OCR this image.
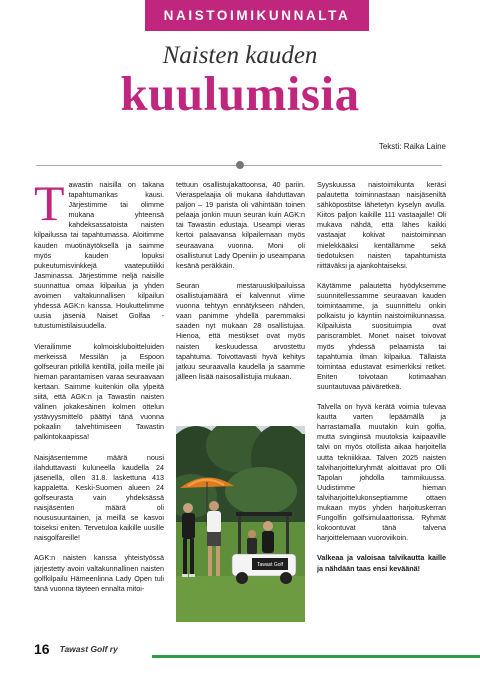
NAISTOIMIKUNNALTA
Naisten kauden
kuulumisia
Teksti: Raika Laine

Tawastin naisilla on takana tapahtumarikas kausi. Järjestimme tai olimme mukana yhteensä kahdeksassatoista naisten kilpailussa tai tapahtumassa. Aloitimme kauden muotinäytöksellä ja saimme myös kauden lopuksi pukeutumisvinkkejä vaateputiikki Jasminassa. Järjestimme neljä naisille suunnattua omaa kilpailua ja yhden avoimen valtakunnallisen kilpailun yhdessä AGK:n kanssa. Houkuttelimme uusia jäseniä Naiset Golfaa -tutustumistilaisuudella.

Vierailimme kolmoiskluboitteluiden merkeissä Messilän ja Espoon golfseuran pitkillä kentillä, joilla meille jäi hieman parantamisen varaa seuraavaan kertaan. Saimme kuitenkin olla ylpeitä siitä, että AGK:n ja Tawastin naisten välinen jokakesäinen kolmen ottelun ystävyysmittelö päättyi tänä vuonna pokaalin talvehtimiseen Tawastin palkintokaapissa!

Naisjäsentemme määrä nousi ilahduttavasti kuluneella kaudella 24 jäsenellä, ollen 31.8. laskettuna 413 kappaletta. Keski-Suomen alueen 24 golfseurasta vain yhdeksässä naisjäsenten määrä oli noususuuntainen, ja meillä se kasvoi toiseksi eniten. Tervetuloa kaikille uusille naisgolfareille!

AGK:n naisten kanssa yhteistyössä järjestetty avoin valtakunnallinen naisten golfkilpailu Hämeenlinna Lady Open tuli tänä vuonna täyteen ennalta mitoi-

tettuun osallistujakattoonsa, 40 pariin. Vieraspelaajia oli mukana ilahduttavan paljon – 19 parista oli vähintään toinen pelaaja jonkin muun seuran kuin AGK:n tai Tawastin edustaja. Useampi vieras kertoi palaavansa kilpailemaan myös seuraavana vuonna. Moni oli osallistunut Lady Openiin jo useampana kesänä peräkkäin.

Seuran mestaruuskilpailuissa osallistujamäärä ei kalvennut viime vuonna tehtyyn ennätykseen nähden, vaan panimme yhdellä paremmaksi saaden nyt mukaan 28 osallistujaa. Hienoa, että mestikset ovat myös naisten keskuudessa arvostettu tapahtuma. Toivottavasti hyvä kehitys jatkuu seuraavalla kaudella ja saamme jälleen lisää naisosallistujia mukaan.

Tawast Golf

Syyskuussa naistoimikunta keräsi palautetta toiminnastaan naisjäseniltä sähköpostitse lähetetyn kyselyn avulla. Kiitos paljon kaikille 111 vastaajalle! Oli mukava nähdä, että lähes kaikki vastaajat kokivat naistoiminnan mielekkääksi kentällämme sekä tiedotuksen naisten tapahtumista riittäväksi ja ajankohtaiseksi.

Käytämme palautetta hyödyksemme suunnitellessamme seuraavan kauden toimintaamme, ja suunnittelu onkin polkaistu jo käyntiin naistoimikunnassa. Kilpailuista suosituimpia ovat pariscramblet. Monet naiset toivovat myös yhdessä pelaamista tai tapahtumia ilman kilpailua. Tällaista toimintaa edustavat esimerkiksi retket. Eniten toivotaan kotimaahan suuntautuvaa päiväretkeä.

Talvella on hyvä kerätä voimia tulevaa kautta varten lepäämällä ja harrastamalla muutakin kuin golfia, mutta svingiinsä muutoksia kaipaaville talvi on myös otollista aikaa harjoitella uutta tekniikkaa. Talven 2025 naisten talviharjoitteluryhmät aloittavat pro Olli Tapolan johdolla tammikuussa. Uudistimme hieman talviharjoittelukonseptiamme ottaen mukaan myös yhden harjoituskerran Fungolfin golfsimulaattorissa. Ryhmät kokoontuvat tänä talvena harjoittelemaan vuoroviikoin.

Valkeaa ja valoisaa talvikautta kaille ja nähdään taas ensi keväänä!

16 Tawast Golf ry
